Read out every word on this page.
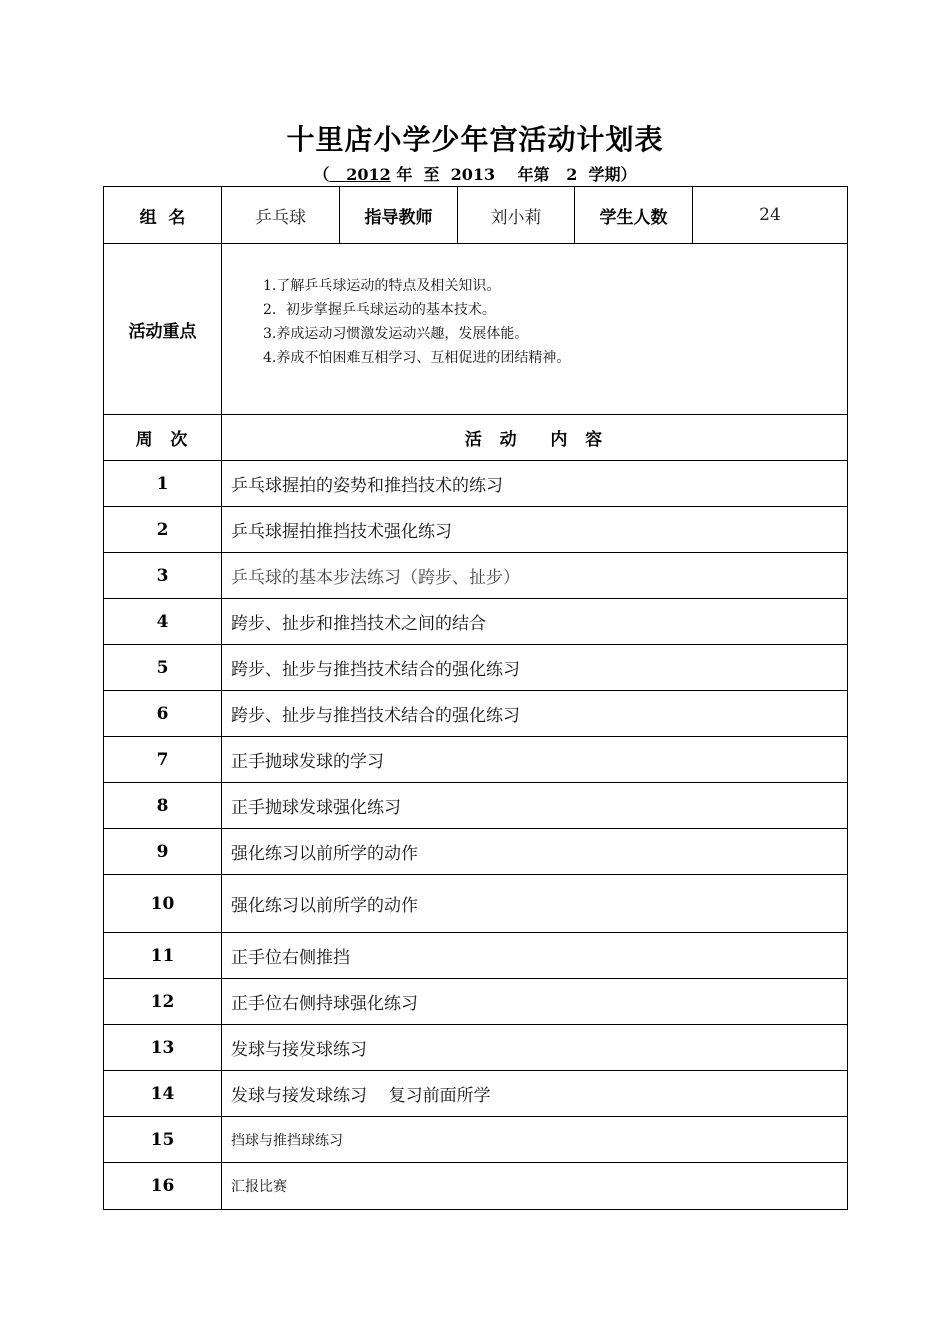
十里店小学少年宫活动计划表
（ 2012 年 至 2013 年第 2 学期）
组  名	乒乓球	指导教师	刘小莉	学生人数	24
活动重点	1.了解乒乓球运动的特点及相关知识。
2．初步掌握乒乓球运动的基本技术。
3.养成运动习惯激发运动兴趣，发展体能。
4.养成不怕困难互相学习、互相促进的团结精神。				

周  次	活  动    内  容				
1	乒乓球握拍的姿势和推挡技术的练习				
2	乒乓球握拍推挡技术强化练习				
3	乒乓球的基本步法练习（跨步、扯步）				
4	跨步、扯步和推挡技术之间的结合				
5	跨步、扯步与推挡技术结合的强化练习				
6	跨步、扯步与推挡技术结合的强化练习				
7	正手抛球发球的学习				
8	正手抛球发球强化练习				
9	强化练习以前所学的动作				
10	强化练习以前所学的动作				
11	正手位右侧推挡				
12	正手位右侧持球强化练习				
13	发球与接发球练习				
14	发球与接发球练习    复习前面所学				
15	挡球与推挡球练习				
16	汇报比赛				
